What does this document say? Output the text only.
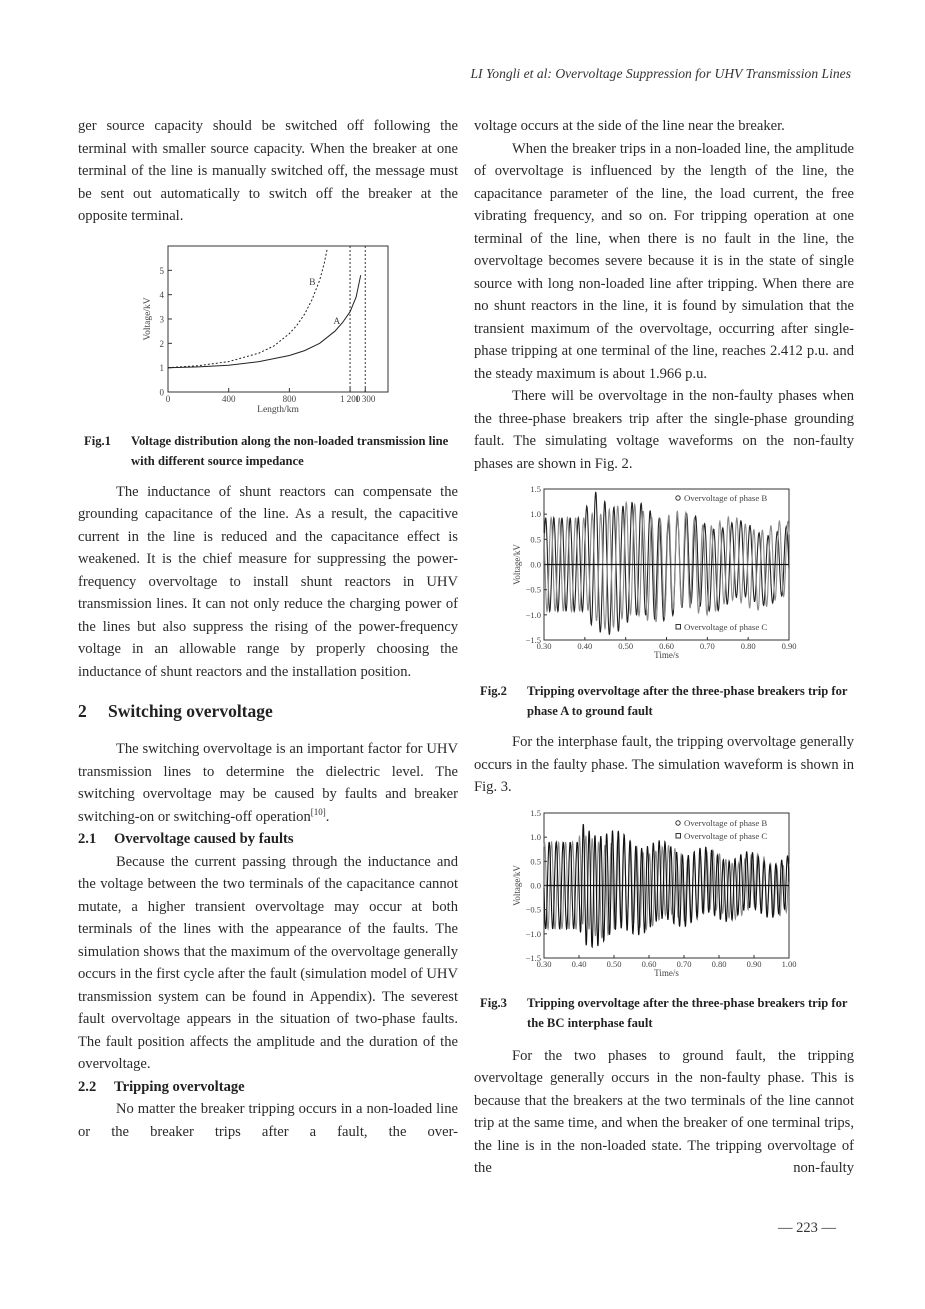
LI Yongli et al: Overvoltage Suppression for UHV Transmission Lines

ger source capacity should be switched off following the terminal with smaller source capacity. When the breaker at one terminal of the line is manually switched off, the message must be sent out automatically to switch off the breaker at the opposite terminal.

0
1
2
3
4
5
0	400	800	1 200
1 300
A
B
Length/km
Voltage/kV
Fig.1	Voltage distribution along the non-loaded transmission line with different source impedance

The inductance of shunt reactors can compensate the grounding capacitance of the line. As a result, the capacitive current in the line is reduced and the capacitance effect is weakened. It is the chief measure for suppressing the power-frequency overvoltage to install shunt reactors in UHV transmission lines. It can not only reduce the charging power of the lines but also suppress the rising of the power-frequency voltage in an allowable range by properly choosing the inductance of shunt reactors and the installation position.

2 Switching overvoltage

The switching overvoltage is an important factor for UHV transmission lines to determine the dielectric level. The switching overvoltage may be caused by faults and breaker switching-on or switching-off operation[10].

2.1 Overvoltage caused by faults

Because the current passing through the inductance and the voltage between the two terminals of the capacitance cannot mutate, a higher transient overvoltage may occur at both terminals of the lines with the appearance of the faults. The simulation shows that the maximum of the overvoltage generally occurs in the first cycle after the fault (simulation model of UHV transmission system can be found in Appendix). The severest fault overvoltage appears in the situation of two-phase faults. The fault position affects the amplitude and the duration of the overvoltage.

2.2 Tripping overvoltage

No matter the breaker tripping occurs in a non-loaded line or the breaker trips after a fault, the over-

voltage occurs at the side of the line near the breaker.

When the breaker trips in a non-loaded line, the amplitude of overvoltage is influenced by the length of the line, the capacitance parameter of the line, the load current, the free vibrating frequency, and so on. For tripping operation at one terminal of the line, when there is no fault in the line, the overvoltage becomes severe because it is in the state of single source with long non-loaded line after tripping. When there are no shunt reactors in the line, it is found by simulation that the transient maximum of the overvoltage, occurring after single-phase tripping at one terminal of the line, reaches 2.412 p.u. and the steady maximum is about 1.966 p.u.

There will be overvoltage in the non-faulty phases when the three-phase breakers trip after the single-phase grounding fault. The simulating voltage waveforms on the non-faulty phases are shown in Fig. 2.

−1.5
−1.0
−0.5
0.0
0.5
1.0
1.5
0.30	0.40	0.50	0.60	0.70	0.80	0.90
Time/s
Voltage/kV
Overvoltage of phase B
Overvoltage of phase C
Fig.2	Tripping overvoltage after the three-phase breakers trip for phase A to ground fault

For the interphase fault, the tripping overvoltage generally occurs in the faulty phase. The simulation waveform is shown in Fig. 3.

−1.5
−1.0
−0.5
0.0
0.5
1.0
1.5
0.30 0.40 0.50 0.60 0.70 0.80 0.90 1.00
Time/s
Voltage/kV
Overvoltage of phase B
Overvoltage of phase C
Fig.3	Tripping overvoltage after the three-phase breakers trip for the BC interphase fault

For the two phases to ground fault, the tripping overvoltage generally occurs in the non-faulty phase. This is because that the breakers at the two terminals of the line cannot trip at the same time, and when the breaker of one terminal trips, the line is in the non-loaded state. The tripping overvoltage of the non-faulty

— 223 —
